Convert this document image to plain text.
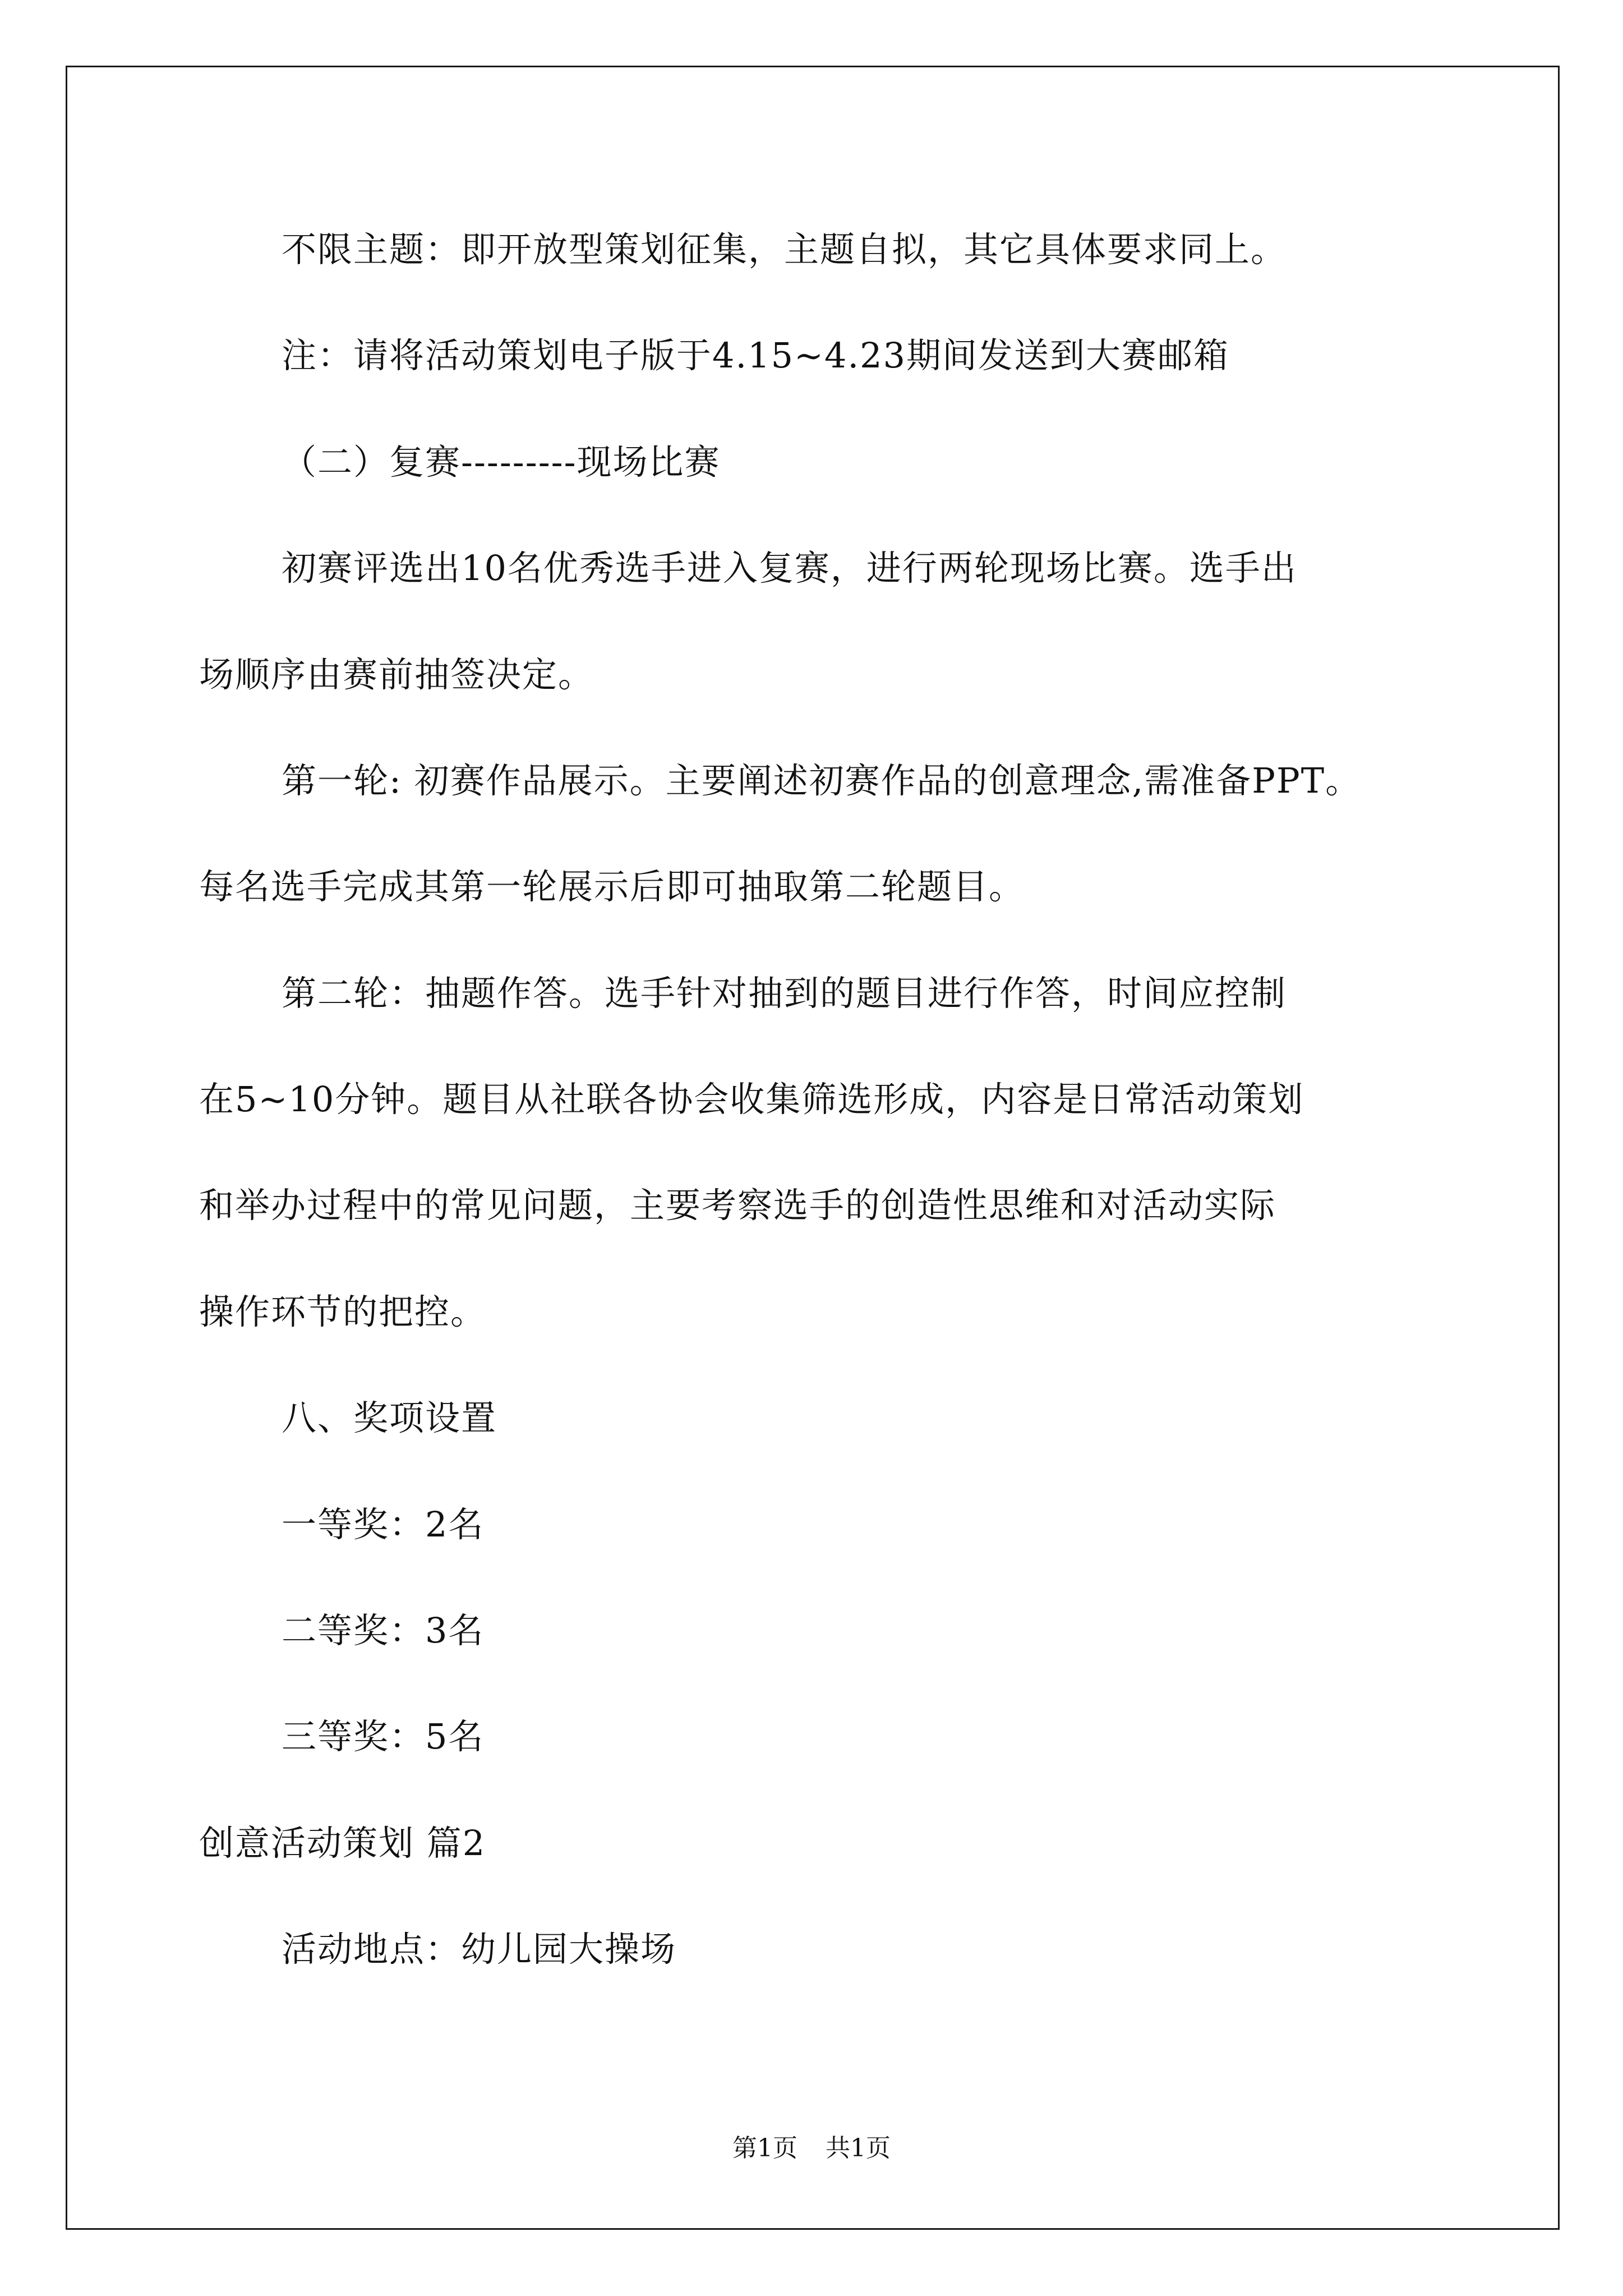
不限主题：即开放型策划征集，主题自拟，其它具体要求同上。
注：请将活动策划电子版于4.15~4.23期间发送到大赛邮箱
（二）复赛---------现场比赛
初赛评选出10名优秀选手进入复赛，进行两轮现场比赛。选手出
场顺序由赛前抽签决定。
第一轮: 初赛作品展示。主要阐述初赛作品的创意理念,需准备PPT。
每名选手完成其第一轮展示后即可抽取第二轮题目。
第二轮：抽题作答。选手针对抽到的题目进行作答，时间应控制
在5~10分钟。题目从社联各协会收集筛选形成，内容是日常活动策划
和举办过程中的常见问题，主要考察选手的创造性思维和对活动实际
操作环节的把控。
八、奖项设置
一等奖：2名
二等奖：3名
三等奖：5名
创意活动策划 篇2
活动地点：幼儿园大操场
第1页 共1页
